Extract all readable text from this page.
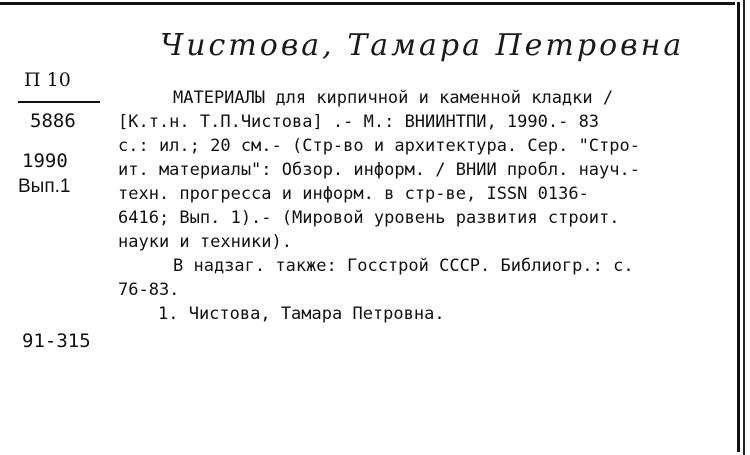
Чистова, Тамара Петровна
П 10
5886
1990
Вып.1
91-315
МАТЕРИАЛЫ для кирпичной и каменной кладки /
[К.т.н. Т.П.Чистова] .- М.: ВНИИНТПИ, 1990.- 83
с.: ил.; 20 см.- (Стр-во и архитектура. Сер. "Стро-
ит. материалы": Обзор. информ. / ВНИИ пробл. науч.-
техн. прогресса и информ. в стр-ве, ISSN 0136-
6416; Вып. 1).- (Мировой уровень развития строит.
науки и техники).
В надзаг. также: Госстрой СССР. Библиогр.: с.
76-83.
1. Чистова, Тамара Петровна.
